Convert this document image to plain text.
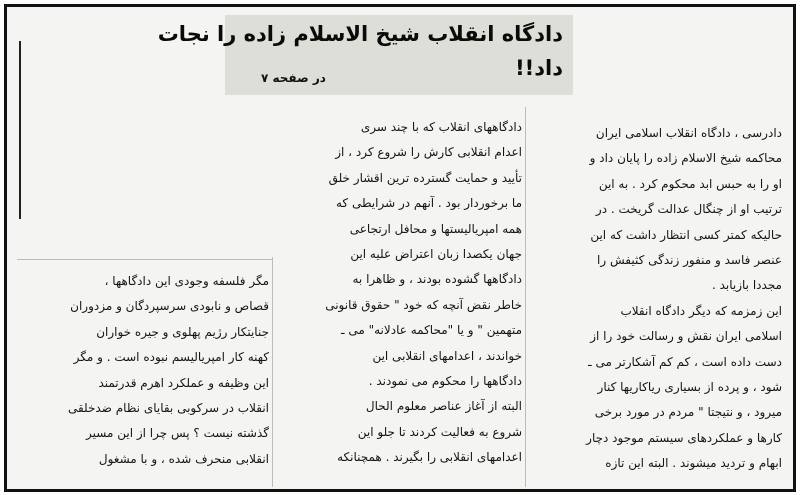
دادگاه انقلاب شیخ الاسلام زاده را نجات
داد!!
در صفحه ۷
دادرسی ، دادگاه انقلاب اسلامی ایران
محاکمه شیخ الاسلام زاده را پایان داد و
او را به حبس ابد محکوم کرد . به این
ترتیب او از چنگال عدالت گریخت . در
حالیکه کمتر کسی انتظار داشت که این
عنصر فاسد و منفور زندگی کثیفش را
مجددا بازیابد .
این زمزمه که دیگر دادگاه انقلاب
اسلامی ایران نقش و رسالت خود را از
دست داده است ، کم کم آشکارتر می ـ
شود ، و پرده از بسیاری ریاکاریها کنار
میرود ، و نتیجتا " مردم در مورد برخی
کارها و عملکردهای سیستم موجود دچار
ابهام و تردید میشوند . البته این تازه
دادگاههای انقلاب که با چند سری
اعدام انقلابی کارش را شروع کرد ، از
تأیید و حمایت گسترده ترین اقشار خلق
ما برخوردار بود . آنهم در شرایطی که
همه امپریالیستها و محافل ارتجاعی
جهان یکصدا زبان اعتراض علیه این
دادگاهها گشوده بودند ، و ظاهرا به
خاطر نقض آنچه که خود " حقوق قانونی
متهمین " و یا "محاکمه عادلانه" می ـ
خواندند ، اعدامهای انقلابی این
دادگاهها را محکوم می نمودند .
البته از آغاز عناصر معلوم الحال
شروع به فعالیت کردند تا جلو این
اعدامهای انقلابی را بگیرند . همچنانکه
مگر فلسفه وجودی این دادگاهها ،
قصاص و نابودی سرسپردگان و مزدوران
جنایتکار رژیم پهلوی و جیره خواران
کهنه کار امپریالیسم نبوده است . و مگر
این وظیفه و عملکرد اهرم قدرتمند
انقلاب در سرکوبی بقایای نظام ضدخلقی
گذشته نیست ؟ پس چرا از این مسیر
انقلابی منحرف شده ، و با مشغول
